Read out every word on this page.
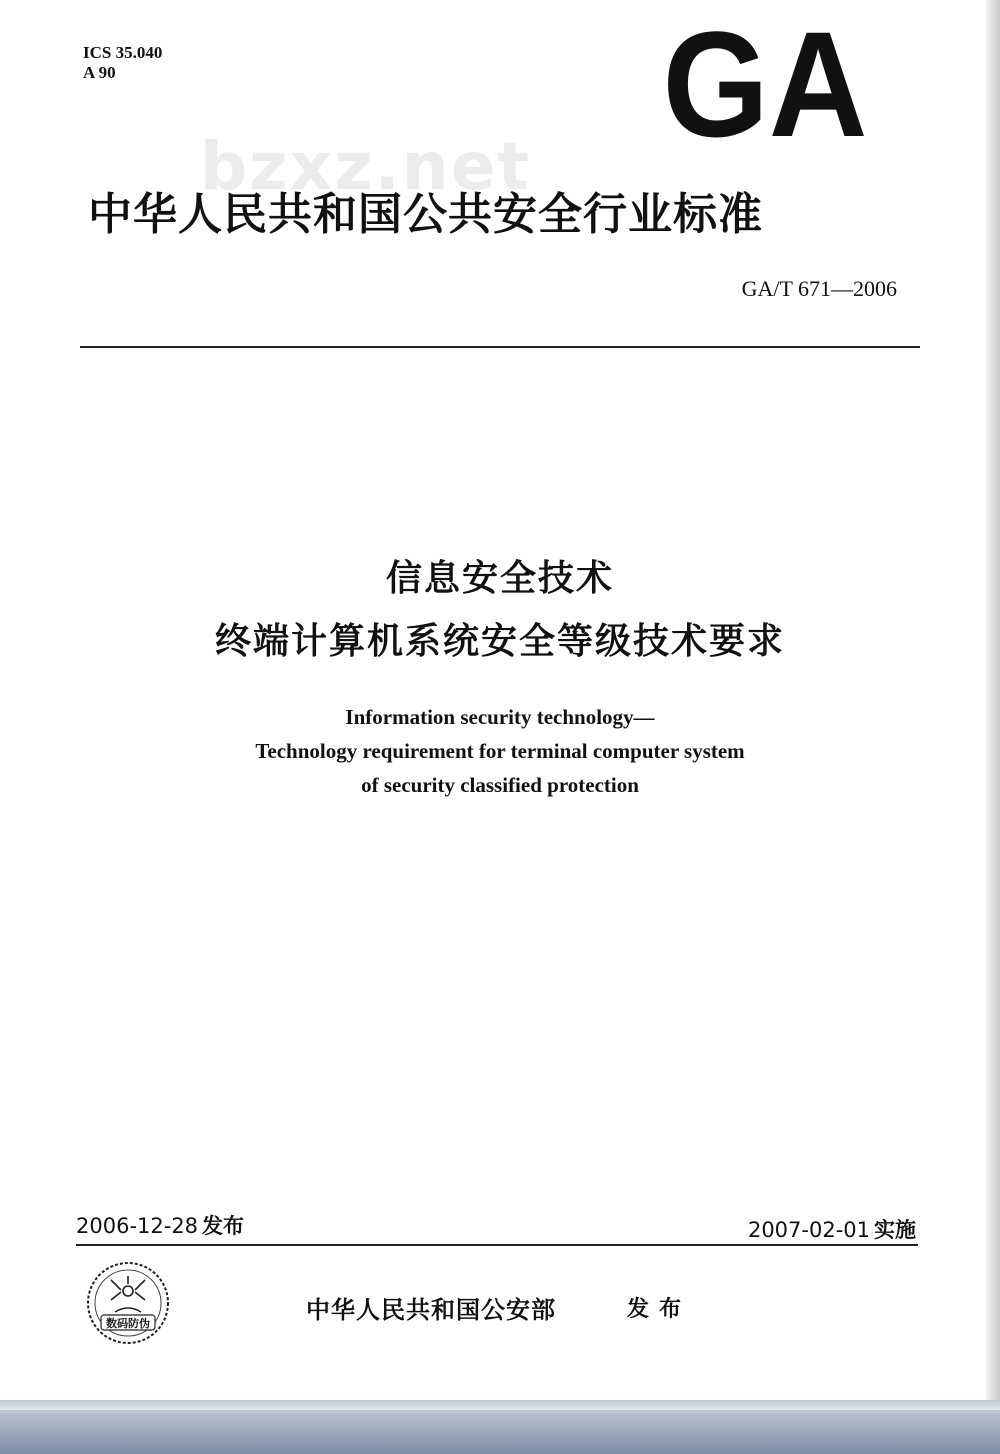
ICS 35.040
A 90
bzxz.net GA
中华人民共和国公共安全行业标准
GA/T 671—2006
信息安全技术
终端计算机系统安全等级技术要求
Information security technology—
Technology requirement for terminal computer system
of security classified protection
2006-12-28 发布	2007-02-01 实施
数码防伪	中华人民共和国公安部	发布
